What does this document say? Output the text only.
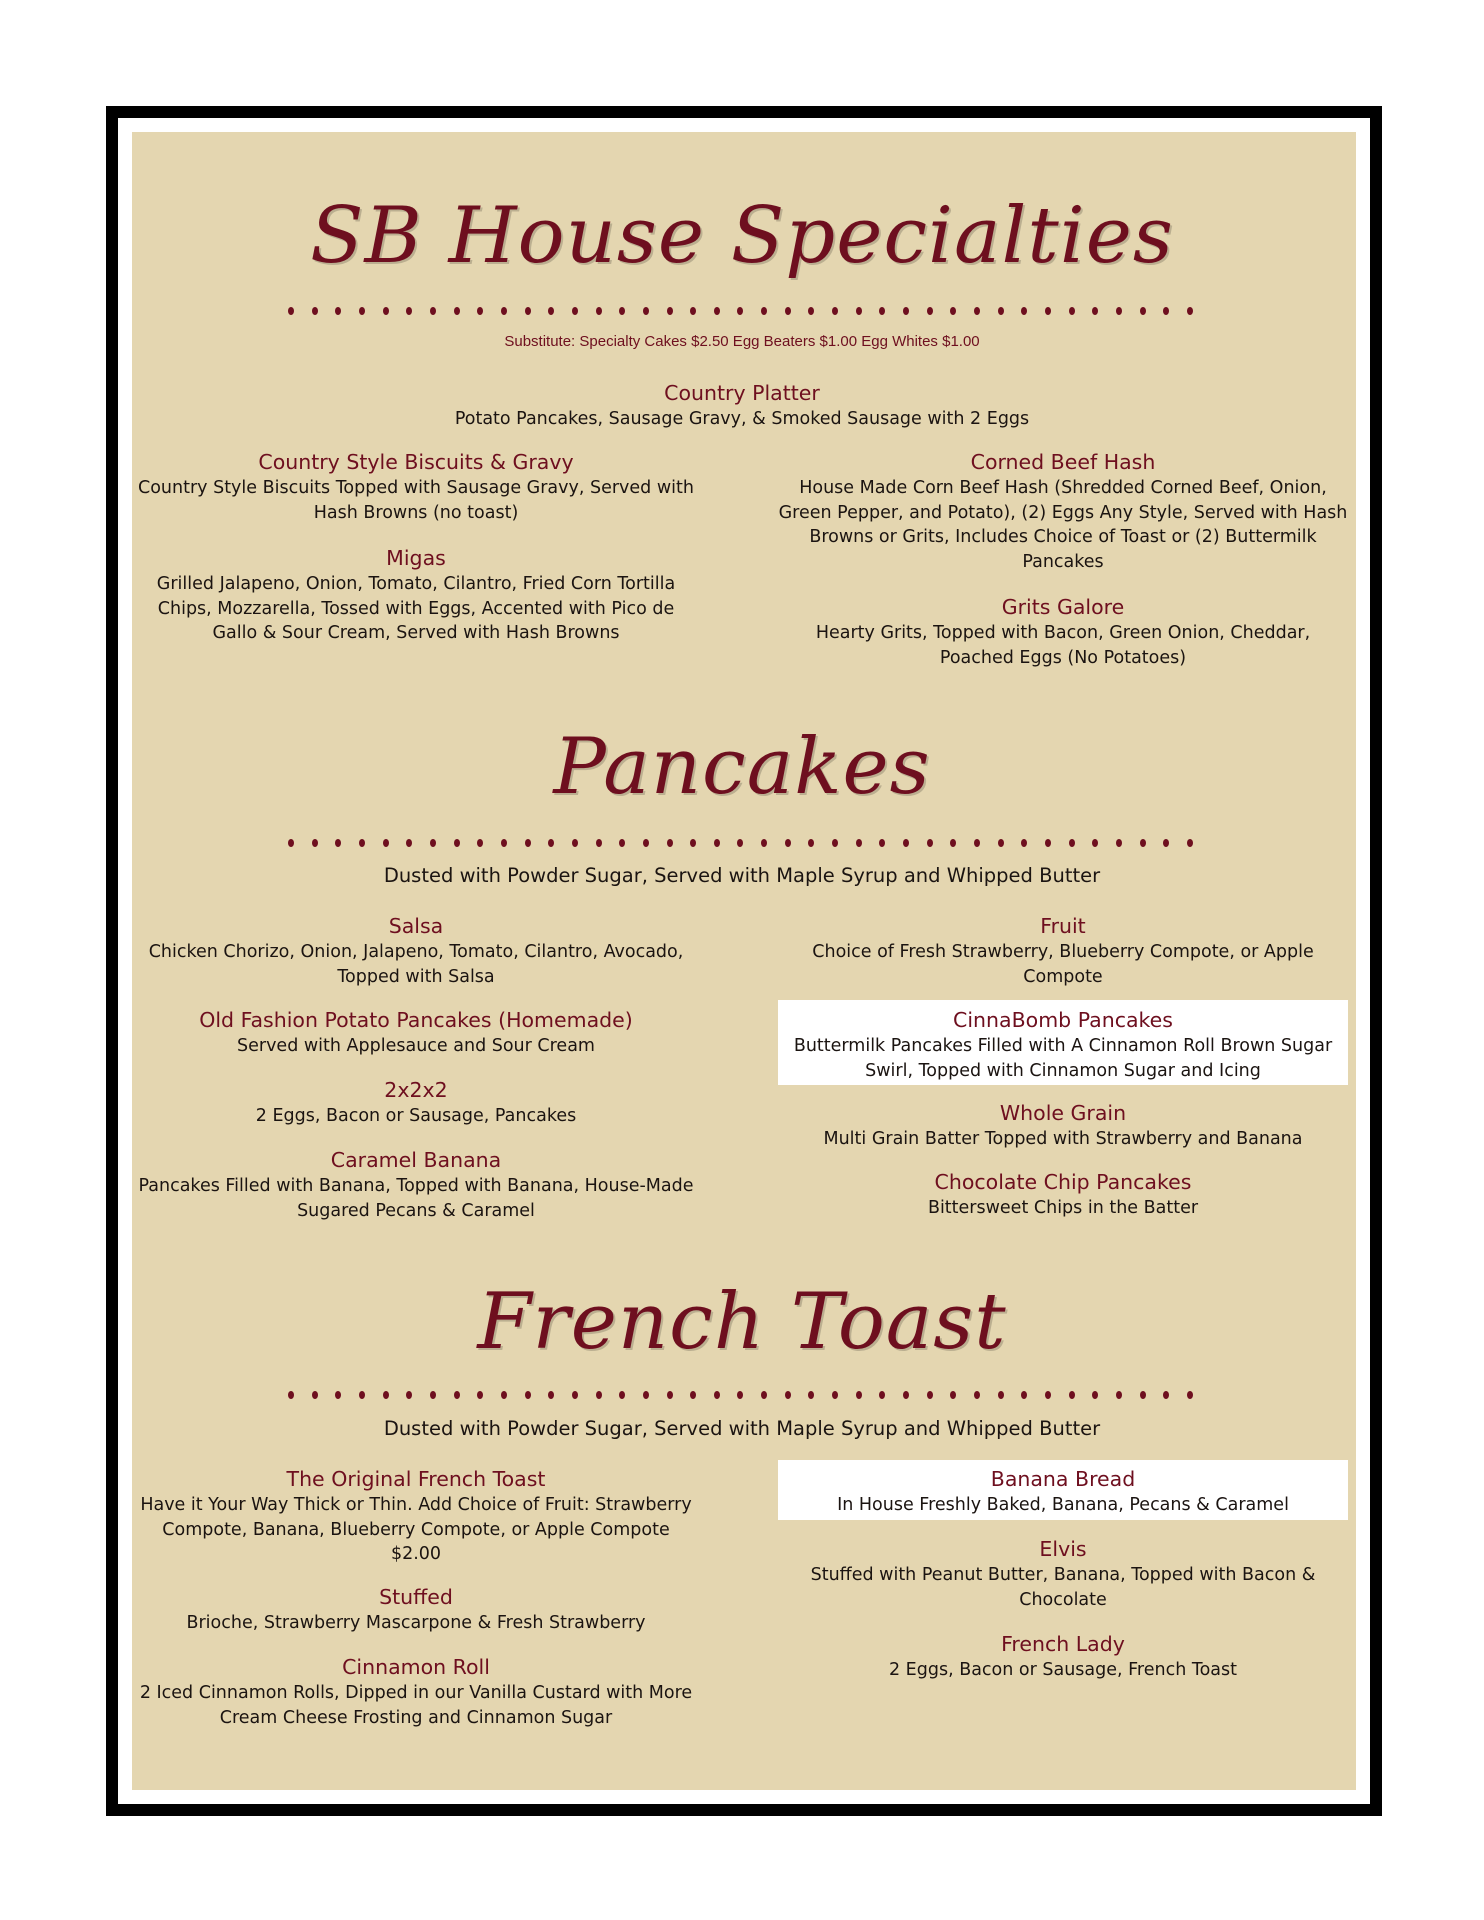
SB House Specialties
Substitute: Specialty Cakes $2.50 Egg Beaters $1.00 Egg Whites $1.00
Country Platter
Potato Pancakes, Sausage Gravy, & Smoked Sausage with 2 Eggs
Country Style Biscuits & Gravy
Country Style Biscuits Topped with Sausage Gravy, Served with Hash Browns (no toast)
Migas
Grilled Jalapeno, Onion, Tomato, Cilantro, Fried Corn Tortilla Chips, Mozzarella, Tossed with Eggs, Accented with Pico de Gallo & Sour Cream, Served with Hash Browns
Corned Beef Hash
House Made Corn Beef Hash (Shredded Corned Beef, Onion, Green Pepper, and Potato), (2) Eggs Any Style, Served with Hash Browns or Grits, Includes Choice of Toast or (2) Buttermilk Pancakes
Grits Galore
Hearty Grits, Topped with Bacon, Green Onion, Cheddar, Poached Eggs (No Potatoes)
Pancakes
Dusted with Powder Sugar, Served with Maple Syrup and Whipped Butter
Salsa
Chicken Chorizo, Onion, Jalapeno, Tomato, Cilantro, Avocado, Topped with Salsa
Old Fashion Potato Pancakes (Homemade)
Served with Applesauce and Sour Cream
2x2x2
2 Eggs, Bacon or Sausage, Pancakes
Caramel Banana
Pancakes Filled with Banana, Topped with Banana, House-Made Sugared Pecans & Caramel
Fruit
Choice of Fresh Strawberry, Blueberry Compote, or Apple Compote
CinnaBomb Pancakes
Buttermilk Pancakes Filled with A Cinnamon Roll Brown Sugar Swirl, Topped with Cinnamon Sugar and Icing
Whole Grain
Multi Grain Batter Topped with Strawberry and Banana
Chocolate Chip Pancakes
Bittersweet Chips in the Batter
French Toast
Dusted with Powder Sugar, Served with Maple Syrup and Whipped Butter
The Original French Toast
Have it Your Way Thick or Thin. Add Choice of Fruit: Strawberry Compote, Banana, Blueberry Compote, or Apple Compote $2.00
Stuffed
Brioche, Strawberry Mascarpone & Fresh Strawberry
Cinnamon Roll
2 Iced Cinnamon Rolls, Dipped in our Vanilla Custard with More Cream Cheese Frosting and Cinnamon Sugar
Banana Bread
In House Freshly Baked, Banana, Pecans & Caramel
Elvis
Stuffed with Peanut Butter, Banana, Topped with Bacon & Chocolate
French Lady
2 Eggs, Bacon or Sausage, French Toast
